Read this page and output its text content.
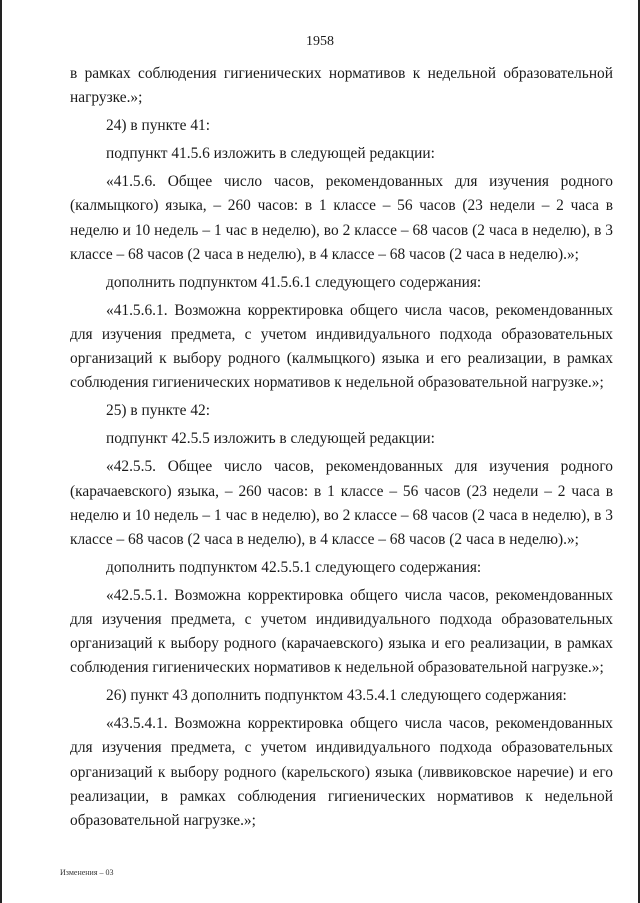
1958

в рамках соблюдения гигиенических нормативов к недельной образовательной нагрузке.»;

24) в пункте 41:

подпункт 41.5.6 изложить в следующей редакции:

«41.5.6. Общее число часов, рекомендованных для изучения родного (калмыцкого) языка, – 260 часов: в 1 классе – 56 часов (23 недели – 2 часа в неделю и 10 недель – 1 час в неделю), во 2 классе – 68 часов (2 часа в неделю), в 3 классе – 68 часов (2 часа в неделю), в 4 классе – 68 часов (2 часа в неделю).»;

дополнить подпунктом 41.5.6.1 следующего содержания:

«41.5.6.1. Возможна корректировка общего числа часов, рекомендованных для изучения предмета, с учетом индивидуального подхода образовательных организаций к выбору родного (калмыцкого) языка и его реализации, в рамках соблюдения гигиенических нормативов к недельной образовательной нагрузке.»;

25) в пункте 42:

подпункт 42.5.5 изложить в следующей редакции:

«42.5.5. Общее число часов, рекомендованных для изучения родного (карачаевского) языка, – 260 часов: в 1 классе – 56 часов (23 недели – 2 часа в неделю и 10 недель – 1 час в неделю), во 2 классе – 68 часов (2 часа в неделю), в 3 классе – 68 часов (2 часа в неделю), в 4 классе – 68 часов (2 часа в неделю).»;

дополнить подпунктом 42.5.5.1 следующего содержания:

«42.5.5.1. Возможна корректировка общего числа часов, рекомендованных для изучения предмета, с учетом индивидуального подхода образовательных организаций к выбору родного (карачаевского) языка и его реализации, в рамках соблюдения гигиенических нормативов к недельной образовательной нагрузке.»;

26) пункт 43 дополнить подпунктом 43.5.4.1 следующего содержания:

«43.5.4.1. Возможна корректировка общего числа часов, рекомендованных для изучения предмета, с учетом индивидуального подхода образовательных организаций к выбору родного (карельского) языка (ливвиковское наречие) и его реализации, в рамках соблюдения гигиенических нормативов к недельной образовательной нагрузке.»;

Изменения – 03
